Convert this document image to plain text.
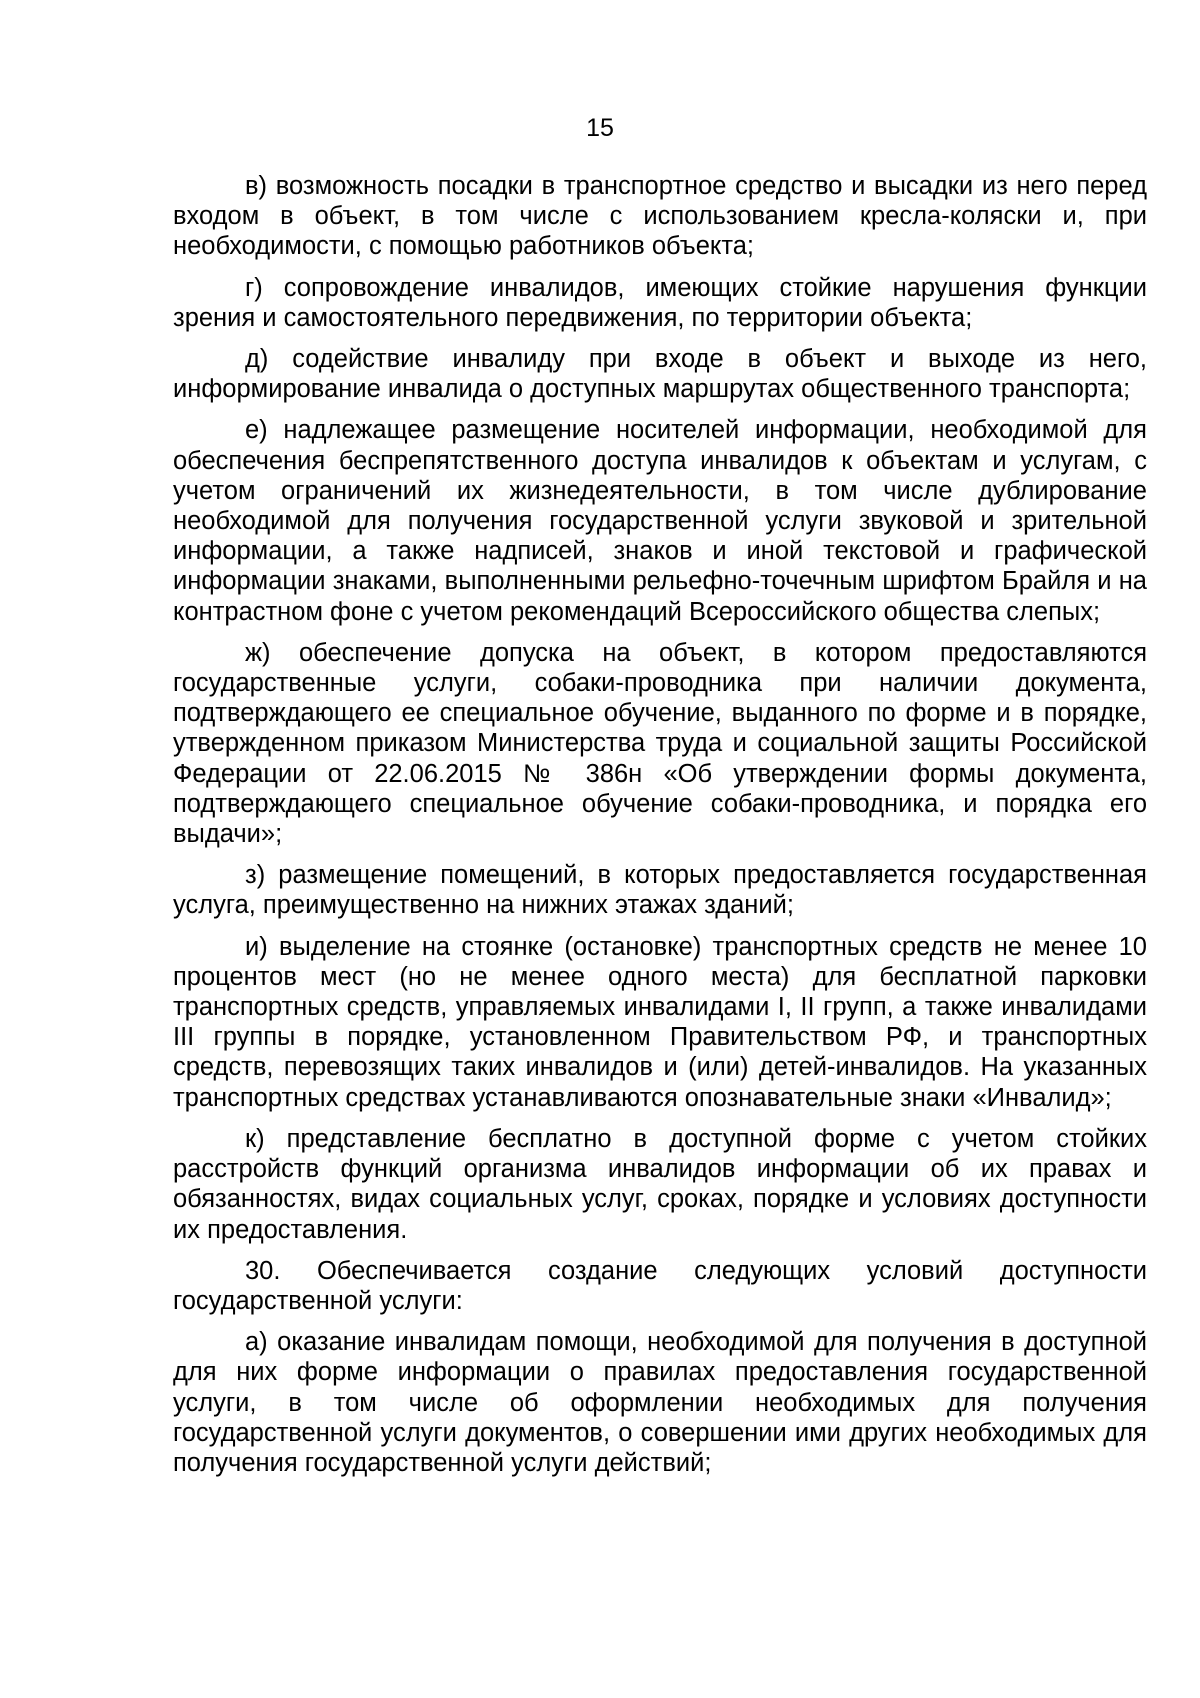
15

в) возможность посадки в транспортное средство и высадки из него перед входом в объект, в том числе с использованием кресла-коляски и, при необходимости, с помощью работников объекта;

г) сопровождение инвалидов, имеющих стойкие нарушения функции зрения и самостоятельного передвижения, по территории объекта;

д) содействие инвалиду при входе в объект и выходе из него, информирование инвалида о доступных маршрутах общественного транспорта;

е) надлежащее размещение носителей информации, необходимой для обеспечения беспрепятственного доступа инвалидов к объектам и услугам, с учетом ограничений их жизнедеятельности, в том числе дублирование необходимой для получения государственной услуги звуковой и зрительной информации, а также надписей, знаков и иной текстовой и графической информации знаками, выполненными рельефно-точечным шрифтом Брайля и на контрастном фоне с учетом рекомендаций Всероссийского общества слепых;

ж) обеспечение допуска на объект, в котором предоставляются государственные услуги, собаки-проводника при наличии документа, подтверждающего ее специальное обучение, выданного по форме и в порядке, утвержденном приказом Министерства труда и социальной защиты Российской Федерации от 22.06.2015 № 386н «Об утверждении формы документа, подтверждающего специальное обучение собаки-проводника, и порядка его выдачи»;

з) размещение помещений, в которых предоставляется государственная услуга, преимущественно на нижних этажах зданий;

и) выделение на стоянке (остановке) транспортных средств не менее 10 процентов мест (но не менее одного места) для бесплатной парковки транспортных средств, управляемых инвалидами I, II групп, а также инвалидами III группы в порядке, установленном Правительством РФ, и транспортных средств, перевозящих таких инвалидов и (или) детей-инвалидов. На указанных транспортных средствах устанавливаются опознавательные знаки «Инвалид»;

к) представление бесплатно в доступной форме с учетом стойких расстройств функций организма инвалидов информации об их правах и обязанностях, видах социальных услуг, сроках, порядке и условиях доступности их предоставления.

30. Обеспечивается создание следующих условий доступности государственной услуги:

а) оказание инвалидам помощи, необходимой для получения в доступной для них форме информации о правилах предоставления государственной услуги, в том числе об оформлении необходимых для получения государственной услуги документов, о совершении ими других необходимых для получения государственной услуги действий;
